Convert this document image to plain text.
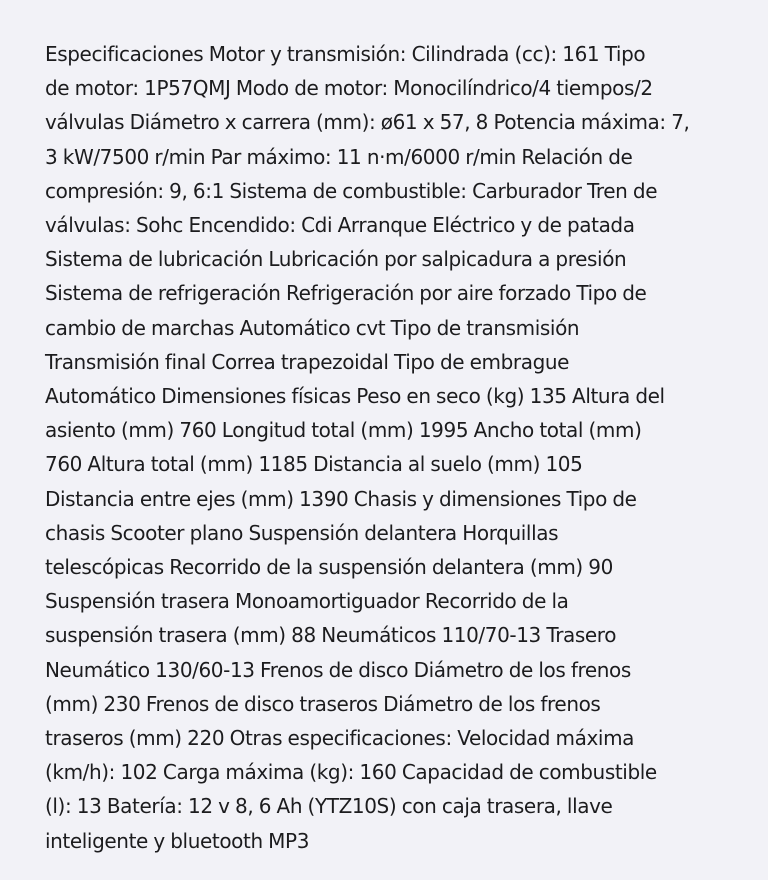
Especificaciones Motor y transmisión: Cilindrada (cc): 161 Tipo
de motor: 1P57QMJ Modo de motor: Monocilíndrico/4 tiempos/2
válvulas Diámetro x carrera (mm): ø61 x 57, 8 Potencia máxima: 7,
3 kW/7500 r/min Par máximo: 11 n·m/6000 r/min Relación de
compresión: 9, 6:1 Sistema de combustible: Carburador Tren de
válvulas: Sohc Encendido: Cdi Arranque Eléctrico y de patada
Sistema de lubricación Lubricación por salpicadura a presión
Sistema de refrigeración Refrigeración por aire forzado Tipo de
cambio de marchas Automático cvt Tipo de transmisión
Transmisión final Correa trapezoidal Tipo de embrague
Automático Dimensiones físicas Peso en seco (kg) 135 Altura del
asiento (mm) 760 Longitud total (mm) 1995 Ancho total (mm)
760 Altura total (mm) 1185 Distancia al suelo (mm) 105
Distancia entre ejes (mm) 1390 Chasis y dimensiones Tipo de
chasis Scooter plano Suspensión delantera Horquillas
telescópicas Recorrido de la suspensión delantera (mm) 90
Suspensión trasera Monoamortiguador Recorrido de la
suspensión trasera (mm) 88 Neumáticos 110/70-13 Trasero
Neumático 130/60-13 Frenos de disco Diámetro de los frenos
(mm) 230 Frenos de disco traseros Diámetro de los frenos
traseros (mm) 220 Otras especificaciones: Velocidad máxima
(km/h): 102 Carga máxima (kg): 160 Capacidad de combustible
(l): 13 Batería: 12 v 8, 6 Ah (YTZ10S) con caja trasera, llave
inteligente y bluetooth MP3
